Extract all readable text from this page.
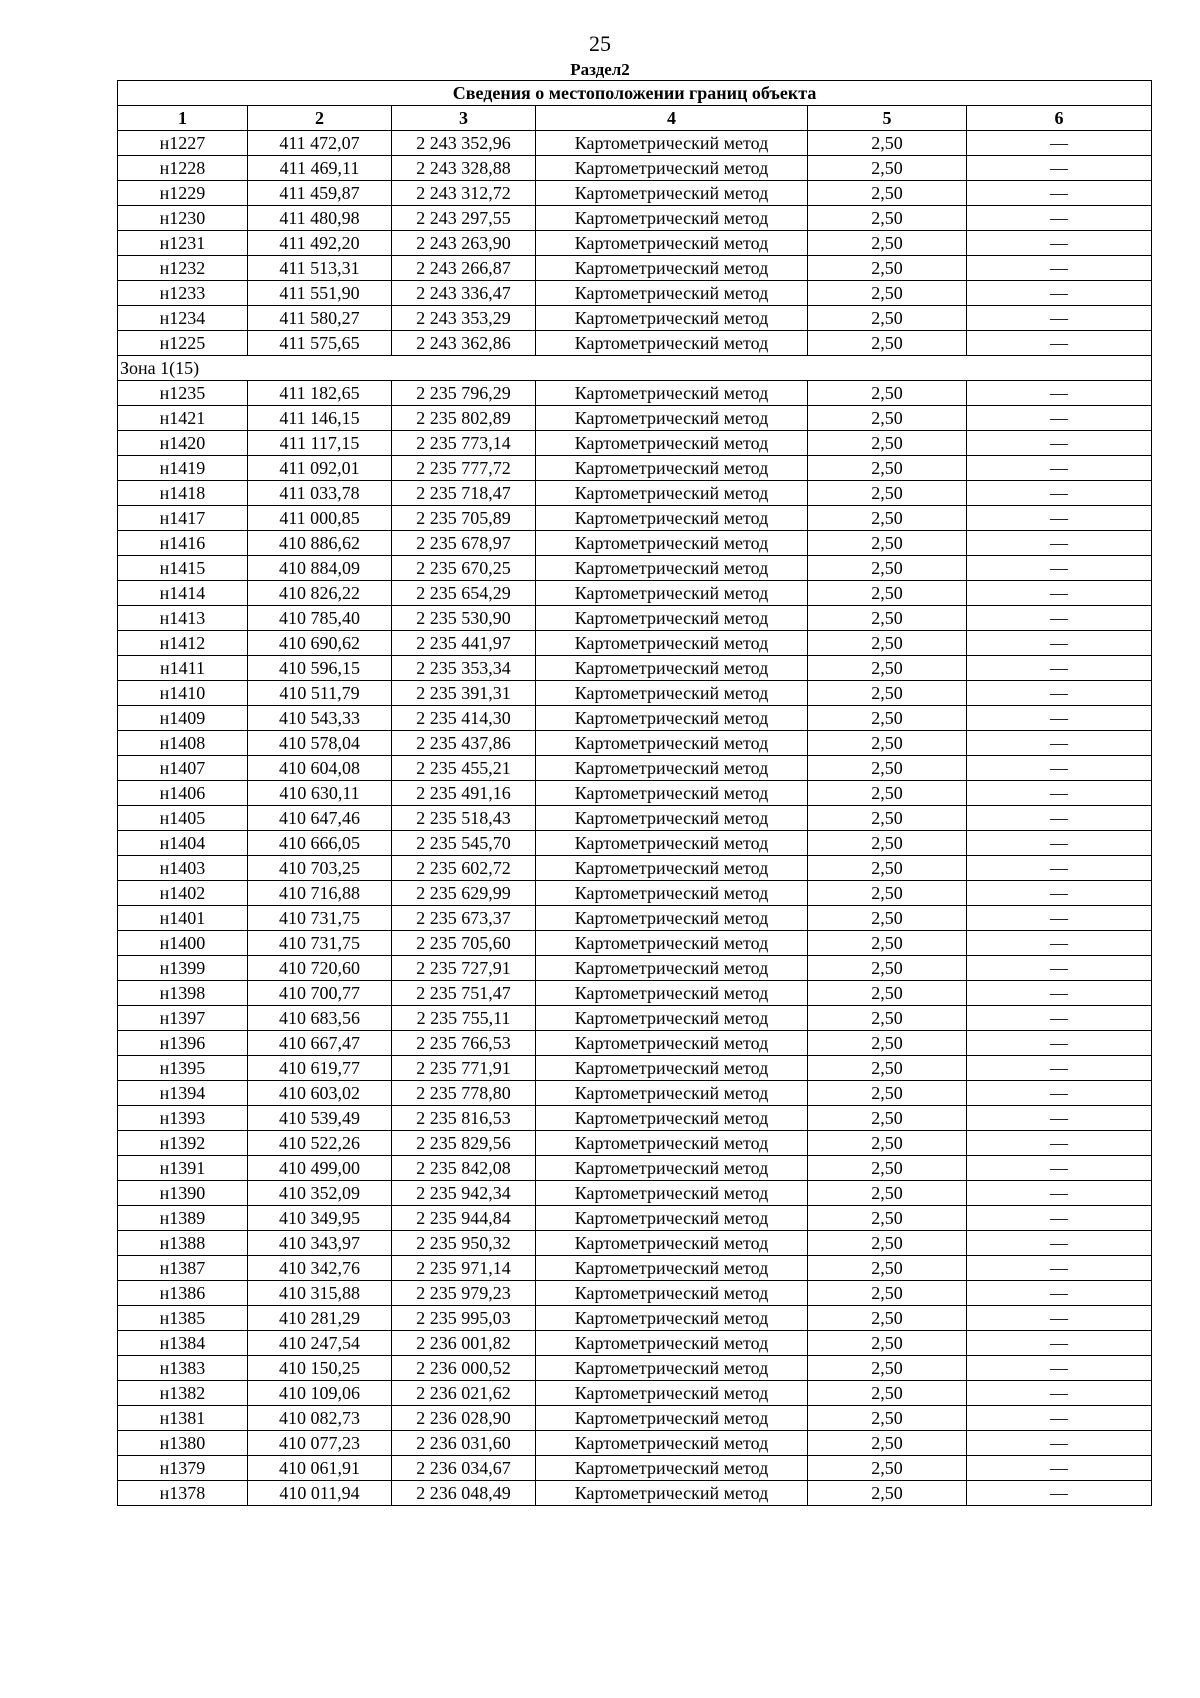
25
Раздел2
Сведения о местоположении границ объекта					
1	2	3	4	5	6
н1227	411 472,07	2 243 352,96	Картометрический метод	2,50	—
н1228	411 469,11	2 243 328,88	Картометрический метод	2,50	—
н1229	411 459,87	2 243 312,72	Картометрический метод	2,50	—
н1230	411 480,98	2 243 297,55	Картометрический метод	2,50	—
н1231	411 492,20	2 243 263,90	Картометрический метод	2,50	—
н1232	411 513,31	2 243 266,87	Картометрический метод	2,50	—
н1233	411 551,90	2 243 336,47	Картометрический метод	2,50	—
н1234	411 580,27	2 243 353,29	Картометрический метод	2,50	—
н1225	411 575,65	2 243 362,86	Картометрический метод	2,50	—
Зона 1(15)					
н1235	411 182,65	2 235 796,29	Картометрический метод	2,50	—
н1421	411 146,15	2 235 802,89	Картометрический метод	2,50	—
н1420	411 117,15	2 235 773,14	Картометрический метод	2,50	—
н1419	411 092,01	2 235 777,72	Картометрический метод	2,50	—
н1418	411 033,78	2 235 718,47	Картометрический метод	2,50	—
н1417	411 000,85	2 235 705,89	Картометрический метод	2,50	—
н1416	410 886,62	2 235 678,97	Картометрический метод	2,50	—
н1415	410 884,09	2 235 670,25	Картометрический метод	2,50	—
н1414	410 826,22	2 235 654,29	Картометрический метод	2,50	—
н1413	410 785,40	2 235 530,90	Картометрический метод	2,50	—
н1412	410 690,62	2 235 441,97	Картометрический метод	2,50	—
н1411	410 596,15	2 235 353,34	Картометрический метод	2,50	—
н1410	410 511,79	2 235 391,31	Картометрический метод	2,50	—
н1409	410 543,33	2 235 414,30	Картометрический метод	2,50	—
н1408	410 578,04	2 235 437,86	Картометрический метод	2,50	—
н1407	410 604,08	2 235 455,21	Картометрический метод	2,50	—
н1406	410 630,11	2 235 491,16	Картометрический метод	2,50	—
н1405	410 647,46	2 235 518,43	Картометрический метод	2,50	—
н1404	410 666,05	2 235 545,70	Картометрический метод	2,50	—
н1403	410 703,25	2 235 602,72	Картометрический метод	2,50	—
н1402	410 716,88	2 235 629,99	Картометрический метод	2,50	—
н1401	410 731,75	2 235 673,37	Картометрический метод	2,50	—
н1400	410 731,75	2 235 705,60	Картометрический метод	2,50	—
н1399	410 720,60	2 235 727,91	Картометрический метод	2,50	—
н1398	410 700,77	2 235 751,47	Картометрический метод	2,50	—
н1397	410 683,56	2 235 755,11	Картометрический метод	2,50	—
н1396	410 667,47	2 235 766,53	Картометрический метод	2,50	—
н1395	410 619,77	2 235 771,91	Картометрический метод	2,50	—
н1394	410 603,02	2 235 778,80	Картометрический метод	2,50	—
н1393	410 539,49	2 235 816,53	Картометрический метод	2,50	—
н1392	410 522,26	2 235 829,56	Картометрический метод	2,50	—
н1391	410 499,00	2 235 842,08	Картометрический метод	2,50	—
н1390	410 352,09	2 235 942,34	Картометрический метод	2,50	—
н1389	410 349,95	2 235 944,84	Картометрический метод	2,50	—
н1388	410 343,97	2 235 950,32	Картометрический метод	2,50	—
н1387	410 342,76	2 235 971,14	Картометрический метод	2,50	—
н1386	410 315,88	2 235 979,23	Картометрический метод	2,50	—
н1385	410 281,29	2 235 995,03	Картометрический метод	2,50	—
н1384	410 247,54	2 236 001,82	Картометрический метод	2,50	—
н1383	410 150,25	2 236 000,52	Картометрический метод	2,50	—
н1382	410 109,06	2 236 021,62	Картометрический метод	2,50	—
н1381	410 082,73	2 236 028,90	Картометрический метод	2,50	—
н1380	410 077,23	2 236 031,60	Картометрический метод	2,50	—
н1379	410 061,91	2 236 034,67	Картометрический метод	2,50	—
н1378	410 011,94	2 236 048,49	Картометрический метод	2,50	—
